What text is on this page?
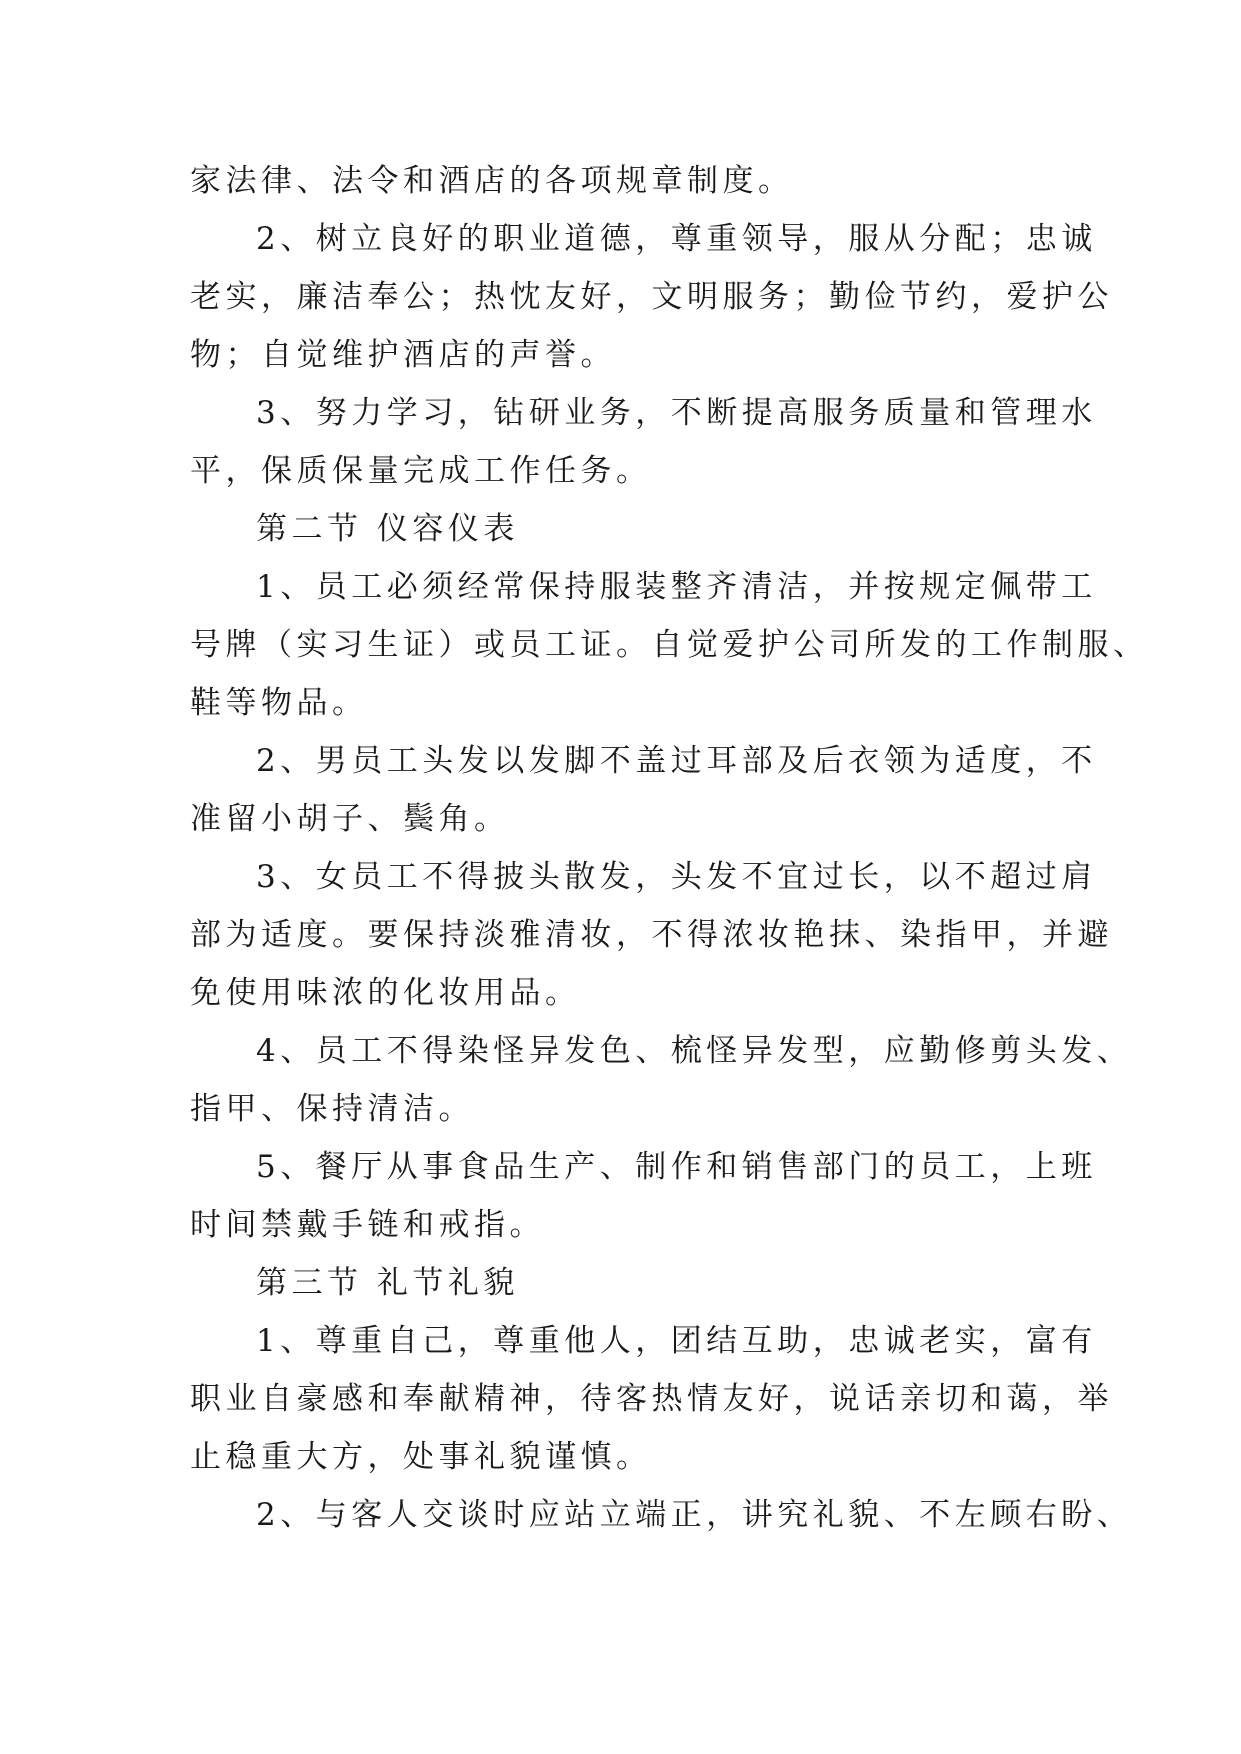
家法律、法令和酒店的各项规章制度。
2、树立良好的职业道德，尊重领导，服从分配；忠诚
老实，廉洁奉公；热忱友好，文明服务；勤俭节约，爱护公
物；自觉维护酒店的声誉。
3、努力学习，钻研业务，不断提高服务质量和管理水
平，保质保量完成工作任务。
第二节 仪容仪表
1、员工必须经常保持服装整齐清洁，并按规定佩带工
号牌（实习生证）或员工证。自觉爱护公司所发的工作制服、
鞋等物品。
2、男员工头发以发脚不盖过耳部及后衣领为适度，不
准留小胡子、鬓角。
3、女员工不得披头散发，头发不宜过长，以不超过肩
部为适度。要保持淡雅清妆，不得浓妆艳抹、染指甲，并避
免使用味浓的化妆用品。
4、员工不得染怪异发色、梳怪异发型，应勤修剪头发、
指甲、保持清洁。
5、餐厅从事食品生产、制作和销售部门的员工，上班
时间禁戴手链和戒指。
第三节 礼节礼貌
1、尊重自己，尊重他人，团结互助，忠诚老实，富有
职业自豪感和奉献精神，待客热情友好，说话亲切和蔼，举
止稳重大方，处事礼貌谨慎。
2、与客人交谈时应站立端正，讲究礼貌、不左顾右盼、
